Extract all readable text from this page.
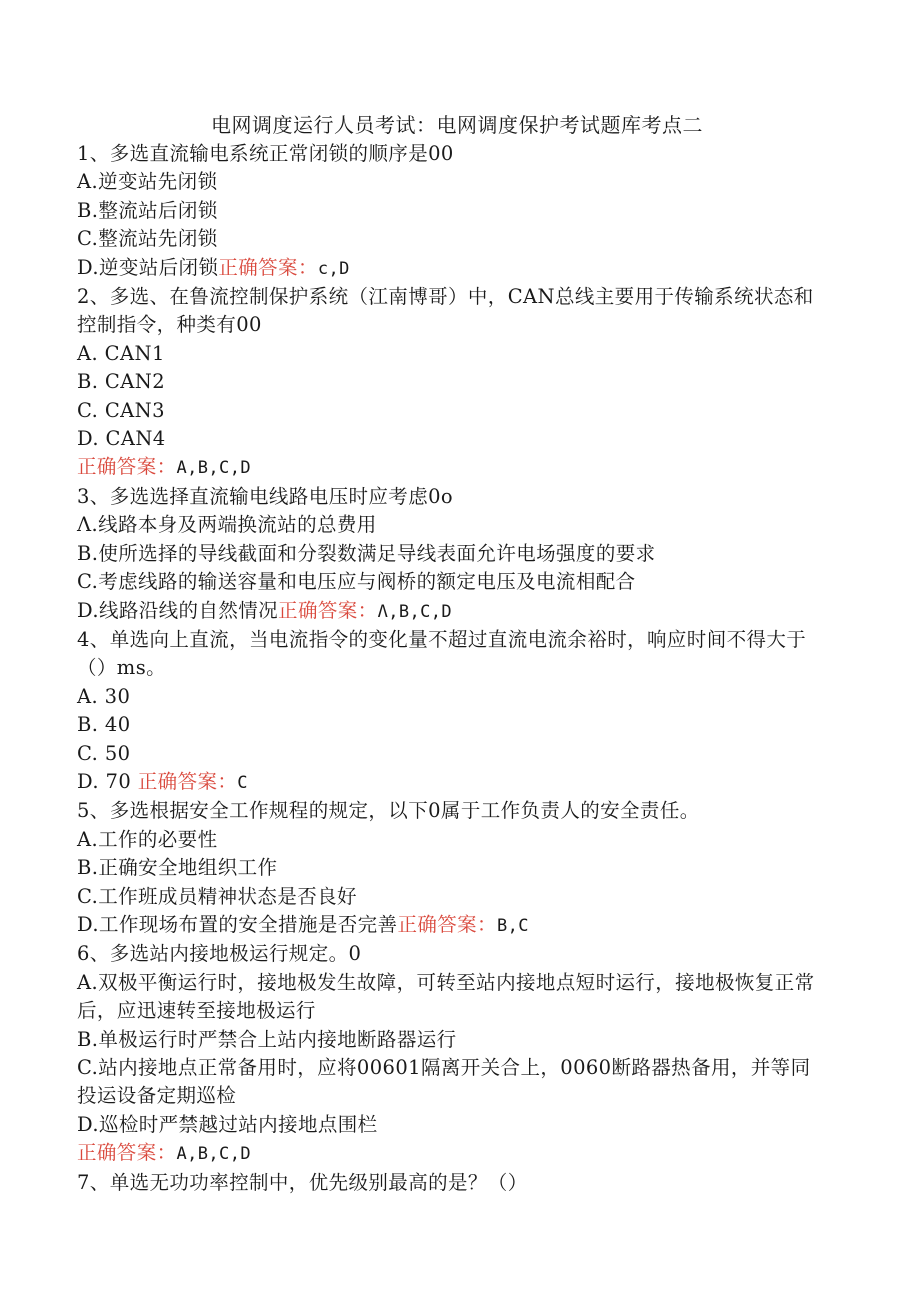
电网调度运行人员考试：电网调度保护考试题库考点二
1、多选直流输电系统正常闭锁的顺序是00
A.逆变站先闭锁
B.整流站后闭锁
C.整流站先闭锁
D.逆变站后闭锁正确答案：c,D
2、多选、在鲁流控制保护系统（江南博哥）中，CAN总线主要用于传输系统状态和控制指令，种类有00
A. CAN1
B. CAN2
C. CAN3
D. CAN4
正确答案：A,B,C,D
3、多选选择直流输电线路电压时应考虑0o
Λ.线路本身及两端换流站的总费用
B.使所选择的导线截面和分裂数满足导线表面允许电场强度的要求
C.考虑线路的输送容量和电压应与阀桥的额定电压及电流相配合
D.线路沿线的自然情况正确答案：Λ,B,C,D
4、单选向上直流，当电流指令的变化量不超过直流电流余裕时，响应时间不得大于（）ms。
A. 30
B. 40
C. 50
D. 70 正确答案：C
5、多选根据安全工作规程的规定，以下0属于工作负责人的安全责任。
A.工作的必要性
B.正确安全地组织工作
C.工作班成员精神状态是否良好
D.工作现场布置的安全措施是否完善正确答案：B,C
6、多选站内接地极运行规定。0
A.双极平衡运行时，接地极发生故障，可转至站内接地点短时运行，接地极恢复正常后，应迅速转至接地极运行
B.单极运行时严禁合上站内接地断路器运行
C.站内接地点正常备用时，应将00601隔离开关合上，0060断路器热备用，并等同投运设备定期巡检
D.巡检时严禁越过站内接地点围栏
正确答案：A,B,C,D
7、单选无功功率控制中，优先级别最高的是？（）
